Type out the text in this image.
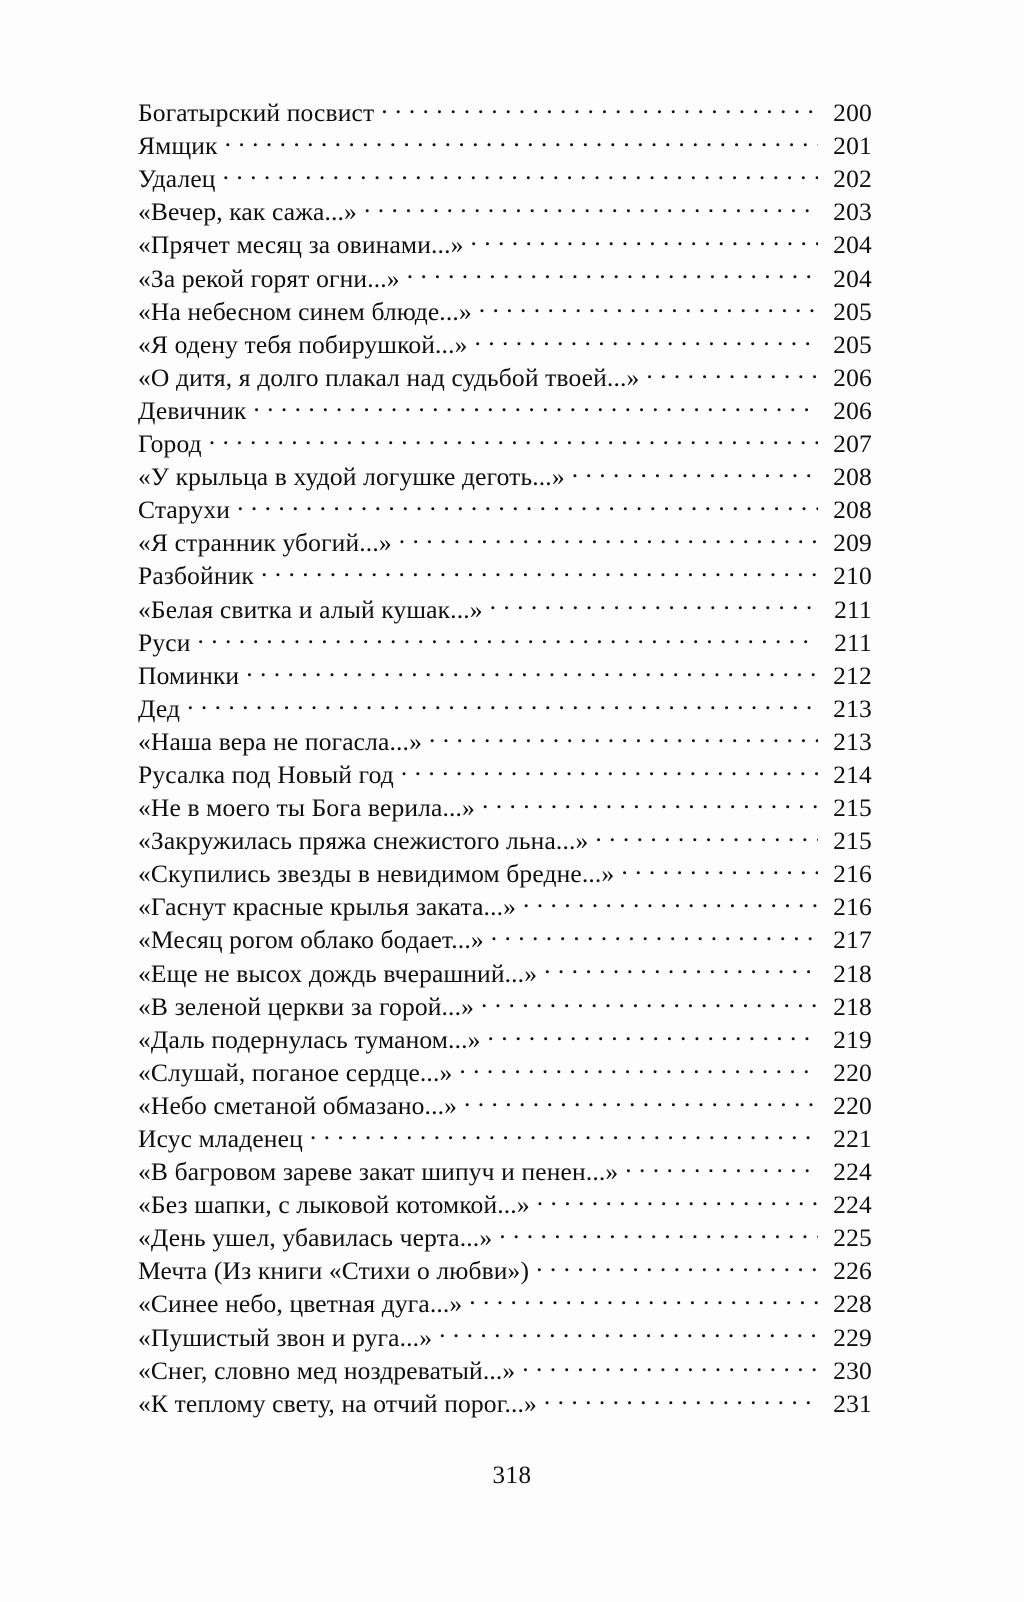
Богатырский посвист . . .	200
Ямщик . . .	201
Удалец . . .	202
«Вечер, как сажа...» . . .	203
«Прячет месяц за овинами...» . . .	204
«За рекой горят огни...» . . .	204
«На небесном синем блюде...» . . .	205
«Я одену тебя побирушкой...» . . .	205
«О дитя, я долго плакал над судьбой твоей...» . . .	206
Девичник . . .	206
Город . . .	207
«У крыльца в худой логушке деготь...» . . .	208
Старухи . . .	208
«Я странник убогий...» . . .	209
Разбойник . . .	210
«Белая свитка и алый кушак...» . . .	211
Руси . . .	211
Поминки . . .	212
Дед . . .	213
«Наша вера не погасла...» . . .	213
Русалка под Новый год . . .	214
«Не в моего ты Бога верила...» . . .	215
«Закружилась пряжа снежистого льна...» . . .	215
«Скупились звезды в невидимом бредне...» . . .	216
«Гаснут красные крылья заката...» . . .	216
«Месяц рогом облако бодает...» . . .	217
«Еще не высох дождь вчерашний...» . . .	218
«В зеленой церкви за горой...» . . .	218
«Даль подернулась туманом...» . . .	219
«Слушай, поганое сердце...» . . .	220
«Небо сметаной обмазано...» . . .	220
Исус младенец . . .	221
«В багровом зареве закат шипуч и пенен...» . . .	224
«Без шапки, с лыковой котомкой...» . . .	224
«День ушел, убавилась черта...» . . .	225
Мечта (Из книги «Стихи о любви») . . .	226
«Синее небо, цветная дуга...» . . .	228
«Пушистый звон и руга...» . . .	229
«Снег, словно мед ноздреватый...» . . .	230
«К теплому свету, на отчий порог...» . . .	231
318
